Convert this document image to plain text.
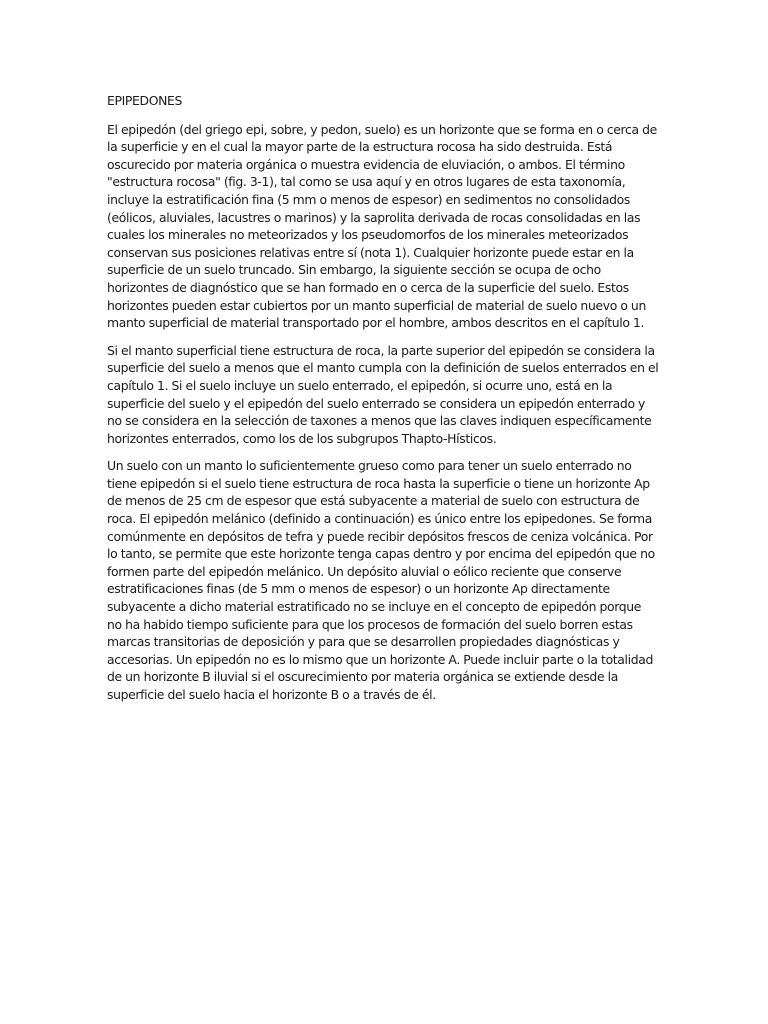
EPIPEDONES

El epipedón (del griego epi, sobre, y pedon, suelo) es un horizonte que se forma en o cerca de la superficie y en el cual la mayor parte de la estructura rocosa ha sido destruida. Está oscurecido por materia orgánica o muestra evidencia de eluviación, o ambos. El término "estructura rocosa" (fig. 3-1), tal como se usa aquí y en otros lugares de esta taxonomía, incluye la estratificación fina (5 mm o menos de espesor) en sedimentos no consolidados (eólicos, aluviales, lacustres o marinos) y la saprolita derivada de rocas consolidadas en las cuales los minerales no meteorizados y los pseudomorfos de los minerales meteorizados conservan sus posiciones relativas entre sí (nota 1). Cualquier horizonte puede estar en la superficie de un suelo truncado. Sin embargo, la siguiente sección se ocupa de ocho horizontes de diagnóstico que se han formado en o cerca de la superficie del suelo. Estos horizontes pueden estar cubiertos por un manto superficial de material de suelo nuevo o un manto superficial de material transportado por el hombre, ambos descritos en el capítulo 1.

Si el manto superficial tiene estructura de roca, la parte superior del epipedón se considera la superficie del suelo a menos que el manto cumpla con la definición de suelos enterrados en el capítulo 1. Si el suelo incluye un suelo enterrado, el epipedón, si ocurre uno, está en la superficie del suelo y el epipedón del suelo enterrado se considera un epipedón enterrado y no se considera en la selección de taxones a menos que las claves indiquen específicamente horizontes enterrados, como los de los subgrupos Thapto-Hísticos.

Un suelo con un manto lo suficientemente grueso como para tener un suelo enterrado no tiene epipedón si el suelo tiene estructura de roca hasta la superficie o tiene un horizonte Ap de menos de 25 cm de espesor que está subyacente a material de suelo con estructura de roca. El epipedón melánico (definido a continuación) es único entre los epipedones. Se forma comúnmente en depósitos de tefra y puede recibir depósitos frescos de ceniza volcánica. Por lo tanto, se permite que este horizonte tenga capas dentro y por encima del epipedón que no formen parte del epipedón melánico. Un depósito aluvial o eólico reciente que conserve estratificaciones finas (de 5 mm o menos de espesor) o un horizonte Ap directamente subyacente a dicho material estratificado no se incluye en el concepto de epipedón porque no ha habido tiempo suficiente para que los procesos de formación del suelo borren estas marcas transitorias de deposición y para que se desarrollen propiedades diagnósticas y accesorias. Un epipedón no es lo mismo que un horizonte A. Puede incluir parte o la totalidad de un horizonte B iluvial si el oscurecimiento por materia orgánica se extiende desde la superficie del suelo hacia el horizonte B o a través de él.
